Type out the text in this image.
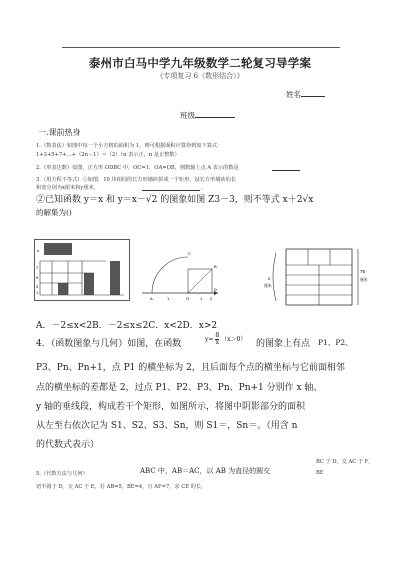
泰州市白马中学九年级数学二轮复习导学案
《专项复习 6（数形结合）》
姓名
班级
一.课前热身
1.（数表法）如图中每一个小方格的面积为 1，则可根据面积计算得到如下算式：
1+3+5+7+…+（2n－1）＝（2）（n 表示正，n 是正整数）
2.（形表达数）如图，正方形 ODBC 中，OC=1，OA=OB，则数轴上点 A 表示的数是
3.（用方程不等式）①如图，10 块相同的长方形墙砖拼成一个矩形，设长方形墙砖的长
和宽分别为x厘米和y厘米，	。
②已知函数 y＝x 和 y＝x－√2 的图象如图 Z3－3，则不等式 x＋2√x
的解集为()
n
7
5
3
1
C
B
D
A	O
1	1 2
75
厘米
x
厘米
A．－2≤x<2B．－2≤x≤2C．x<2D．x>2
4．（函数图象与几何）如图，在函数	$y= \frac{8}{x} (x>0)$ 的图象上有点 P1、P2、
P3、Pn、Pn+1，点 P1 的横坐标为 2，且后面每个点的横坐标与它前面相邻
点的横坐标的差都是 2，过点 P1、P2、P3、Pn、Pn+1 分别作 x 轴、
y 轴的垂线段，构成若干个矩形，如图所示，将图中阴影部分的面积
从左至右依次记为 S1、S2、S3、Sn，则 S1＝，Sn＝。（用含 n
的代数式表示）
BC 于 D，交 AC 于 F，
BE
5.（代数方法与几何）	ABC 中，AB＝AC，以 AB 为直径的圆交
切半圆于 D，交 AC 于 E，若 AB=5，BE=4，且 AF=7，求 CE 的长。
